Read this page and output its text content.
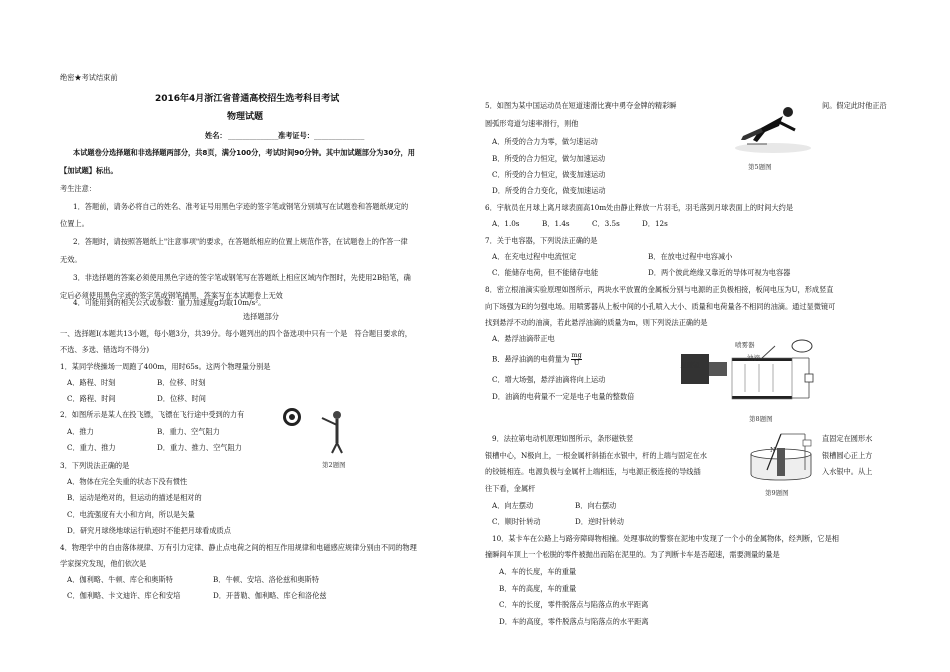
绝密★考试结束前
2016年4月浙江省普通高校招生选考科目考试
物理试题
姓名： ______________ 准考证号： ______________
本试题卷分选择题和非选择题两部分，共8页，满分100分，考试时间90分钟。其中加试题部分为30分，用
【加试题】标出。
考生注意：
1．答题前，请务必将自己的姓名、准考证号用黑色字迹的签字笔或钢笔分别填写在试题卷和答题纸规定的
位置上。
2．答题时，请按照答题纸上"注意事项"的要求，在答题纸相应的位置上规范作答，在试题卷上的作答一律
无效。
3．非选择题的答案必须使用黑色字迹的签字笔或钢笔写在答题纸上相应区域内作图时，先使用2B铅笔，确
定后必须使用黑色字迹的签字笔或钢笔描黑，答案写在本试题卷上无效
4．可能用到的相关公式或参数：重力加速度g均取10m/s²。
选择题部分
一、选择题Ⅰ(本题共13小题，每小题3分，共39分。每小题列出的四个备选项中只有一个是　符合题目要求的，
不选、多选、错选均不得分)
1．某同学绕操场一周跑了400m，用时65s。这两个物理量分别是
A．路程、时刻	B．位移、时刻
C．路程、时间	D．位移、时间
2．如图所示是某人在投飞镖，飞镖在飞行途中受到的力有
A．推力	B．重力、空气阻力
C．重力、推力	D．重力、推力、空气阻力
第2题图
3．下列说法正确的是
A．物体在完全失重的状态下没有惯性
B．运动是绝对的，但运动的描述是相对的
C．电流强度有大小和方向，所以是矢量
D．研究月球绕地球运行轨迹时不能把月球看成质点
4．物理学中的自由落体规律、万有引力定律、静止点电荷之间的相互作用规律和电磁感应规律分别由不同的物理
学家探究发现，他们依次是
A．伽利略、牛顿、库仑和奥斯特	B．牛顿、安培、洛伦兹和奥斯特
C．伽利略、卡文迪许、库仑和安培	D．开普勒、伽利略、库仑和洛伦兹
5．如图为某中国运动员在短道速滑比赛中勇夺金牌的精彩瞬	间。假定此时他正沿
圆弧形弯道匀速率滑行，则他
A．所受的合力为零，做匀速运动
B．所受的合力恒定，做匀加速运动
C．所受的合力恒定，做变加速运动
D．所受的合力变化，做变加速运动
第5题图
6．宇航员在月球上离月球表面高10m处由静止释放一片羽毛，羽毛落到月球表面上的时间大约是
A．1.0s	B．1.4s	C．3.5s	D．12s
7．关于电容器，下列说法正确的是
A．在充电过程中电流恒定	B．在放电过程中电容减小
C．能储存电荷，但不能储存电能	D．两个彼此绝缘又靠近的导体可视为电容器
8．密立根油滴实验原理如图所示，两块水平放置的金属板分别与电源的正负极相接，板间电压为U，形成竖直
向下场强为E的匀强电场。用喷雾器从上板中间的小孔喷入大小、质量和电荷量各不相同的油滴。通过显微镜可
找到悬浮不动的油滴，若此悬浮油滴的质量为m，则下列说法正确的是
A．悬浮油滴带正电
B．悬浮油滴的电荷量为 $\frac{mg}{U}$
C．增大场强，悬浮油滴将向上运动
D．油滴的电荷量不一定是电子电量的整数倍
喷雾器
油滴
显微镜
第8题图
9．法拉第电动机原理如图所示，条形磁铁竖	直固定在圆形水
银槽中心，N极向上，一根金属杆斜插在水银中，杆的上端与固定在水	银槽圆心正上方
的铰链相连。电源负极与金属杆上端相连，与电源正极连接的导线插	入水银中。从上
往下看，金属杆
A．向左摆动	B．向右摆动
C．顺时针转动	D．逆时针转动
N
第9题图
10．某卡车在公路上与路旁障碍物相撞。处理事故的警察在泥地中发现了一个小的金属物体，经判断，它是相
撞瞬间车顶上一个松脱的零件被抛出而陷在泥里的。为了判断卡车是否超速，需要测量的量是
A．车的长度，车的重量
B．车的高度，车的重量
C．车的长度，零件脱落点与陷落点的水平距离
D．车的高度，零件脱落点与陷落点的水平距离
